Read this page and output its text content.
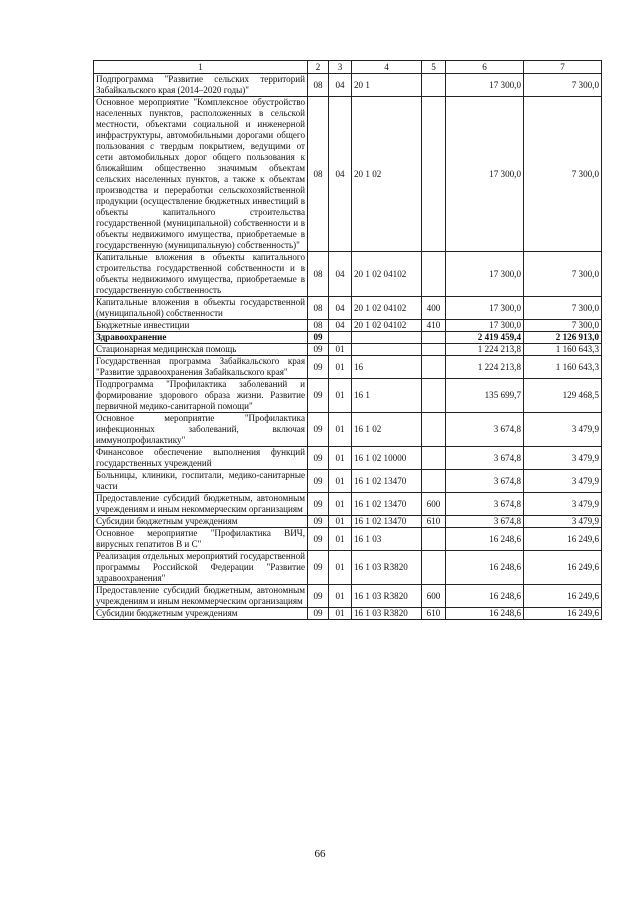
1	2	3	4	5	6	7
Подпрограмма "Развитие сельских территорий Забайкальского края (2014–2020 годы)"	08	04	20 1		17 300,0	7 300,0
Основное мероприятие "Комплексное обустройство населенных пунктов, расположенных в сельской местности, объектами социальной и инженерной инфраструктуры, автомобильными дорогами общего пользования с твердым покрытием, ведущими от сети автомобильных дорог общего пользования к ближайшим общественно значимым объектам сельских населенных пунктов, а также к объектам производства и переработки сельскохозяйственной продукции (осуществление бюджетных инвестиций в объекты капитального строительства государственной (муниципальной) собственности и в объекты недвижимого имущества, приобретаемые в государственную (муниципальную) собственность)"	08	04	20 1 02		17 300,0	7 300,0
Капитальные вложения в объекты капитального строительства государственной собственности и в объекты недвижимого имущества, приобретаемые в государственную собственность	08	04	20 1 02 04102		17 300,0	7 300,0
Капитальные вложения в объекты государственной (муниципальной) собственности	08	04	20 1 02 04102	400	17 300,0	7 300,0
Бюджетные инвестиции	08	04	20 1 02 04102	410	17 300,0	7 300,0
Здравоохранение	09				2 419 459,4	2 126 913,0
Стационарная медицинская помощь	09	01			1 224 213,8	1 160 643,3
Государственная программа Забайкальского края "Развитие здравоохранения Забайкальского края"	09	01	16		1 224 213,8	1 160 643,3
Подпрограмма "Профилактика заболеваний и формирование здорового образа жизни. Развитие первичной медико-санитарной помощи"	09	01	16 1		135 699,7	129 468,5
Основное мероприятие "Профилактика инфекционных заболеваний, включая иммунопрофилактику"	09	01	16 1 02		3 674,8	3 479,9
Финансовое обеспечение выполнения функций государственных учреждений	09	01	16 1 02 10000		3 674,8	3 479,9
Больницы, клиники, госпитали, медико-санитарные части	09	01	16 1 02 13470		3 674,8	3 479,9
Предоставление субсидий бюджетным, автономным учреждениям и иным некоммерческим организациям	09	01	16 1 02 13470	600	3 674,8	3 479,9
Субсидии бюджетным учреждениям	09	01	16 1 02 13470	610	3 674,8	3 479,9
Основное мероприятие "Профилактика ВИЧ, вирусных гепатитов В и С"	09	01	16 1 03		16 248,6	16 249,6
Реализация отдельных мероприятий государственной программы Российской Федерации "Развитие здравоохранения"	09	01	16 1 03 R3820		16 248,6	16 249,6
Предоставление субсидий бюджетным, автономным учреждениям и иным некоммерческим организациям	09	01	16 1 03 R3820	600	16 248,6	16 249,6
Субсидии бюджетным учреждениям	09	01	16 1 03 R3820	610	16 248,6	16 249,6
66
